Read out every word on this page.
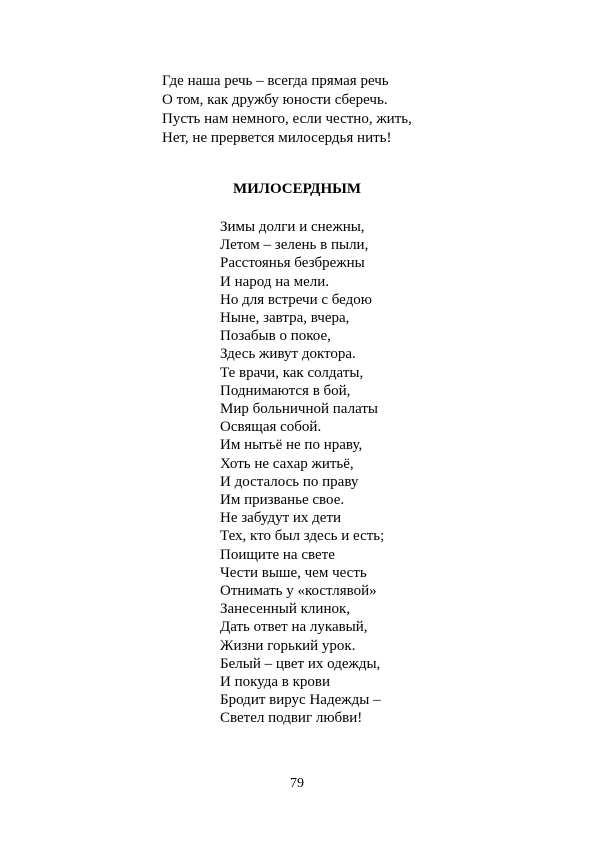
Где наша речь – всегда прямая речь
О том, как дружбу юности сберечь.
Пусть нам немного, если честно, жить,
Нет, не прервется милосердья нить!
МИЛОСЕРДНЫМ
Зимы долги и снежны,
Летом – зелень в пыли,
Расстоянья безбрежны
И народ на мели.
Но для встречи с бедою
Ныне, завтра, вчера,
Позабыв о покое,
Здесь живут доктора.
Те врачи, как солдаты,
Поднимаются в бой,
Мир больничной палаты
Освящая собой.
Им нытьё не по нраву,
Хоть не сахар житьё,
И досталось по праву
Им призванье свое.
Не забудут их дети
Тех, кто был здесь и есть;
Поищите на свете
Чести выше, чем честь
Отнимать у «костлявой»
Занесенный клинок,
Дать ответ на лукавый,
Жизни горький урок.
Белый – цвет их одежды,
И покуда в крови
Бродит вирус Надежды –
Светел подвиг любви!
79
